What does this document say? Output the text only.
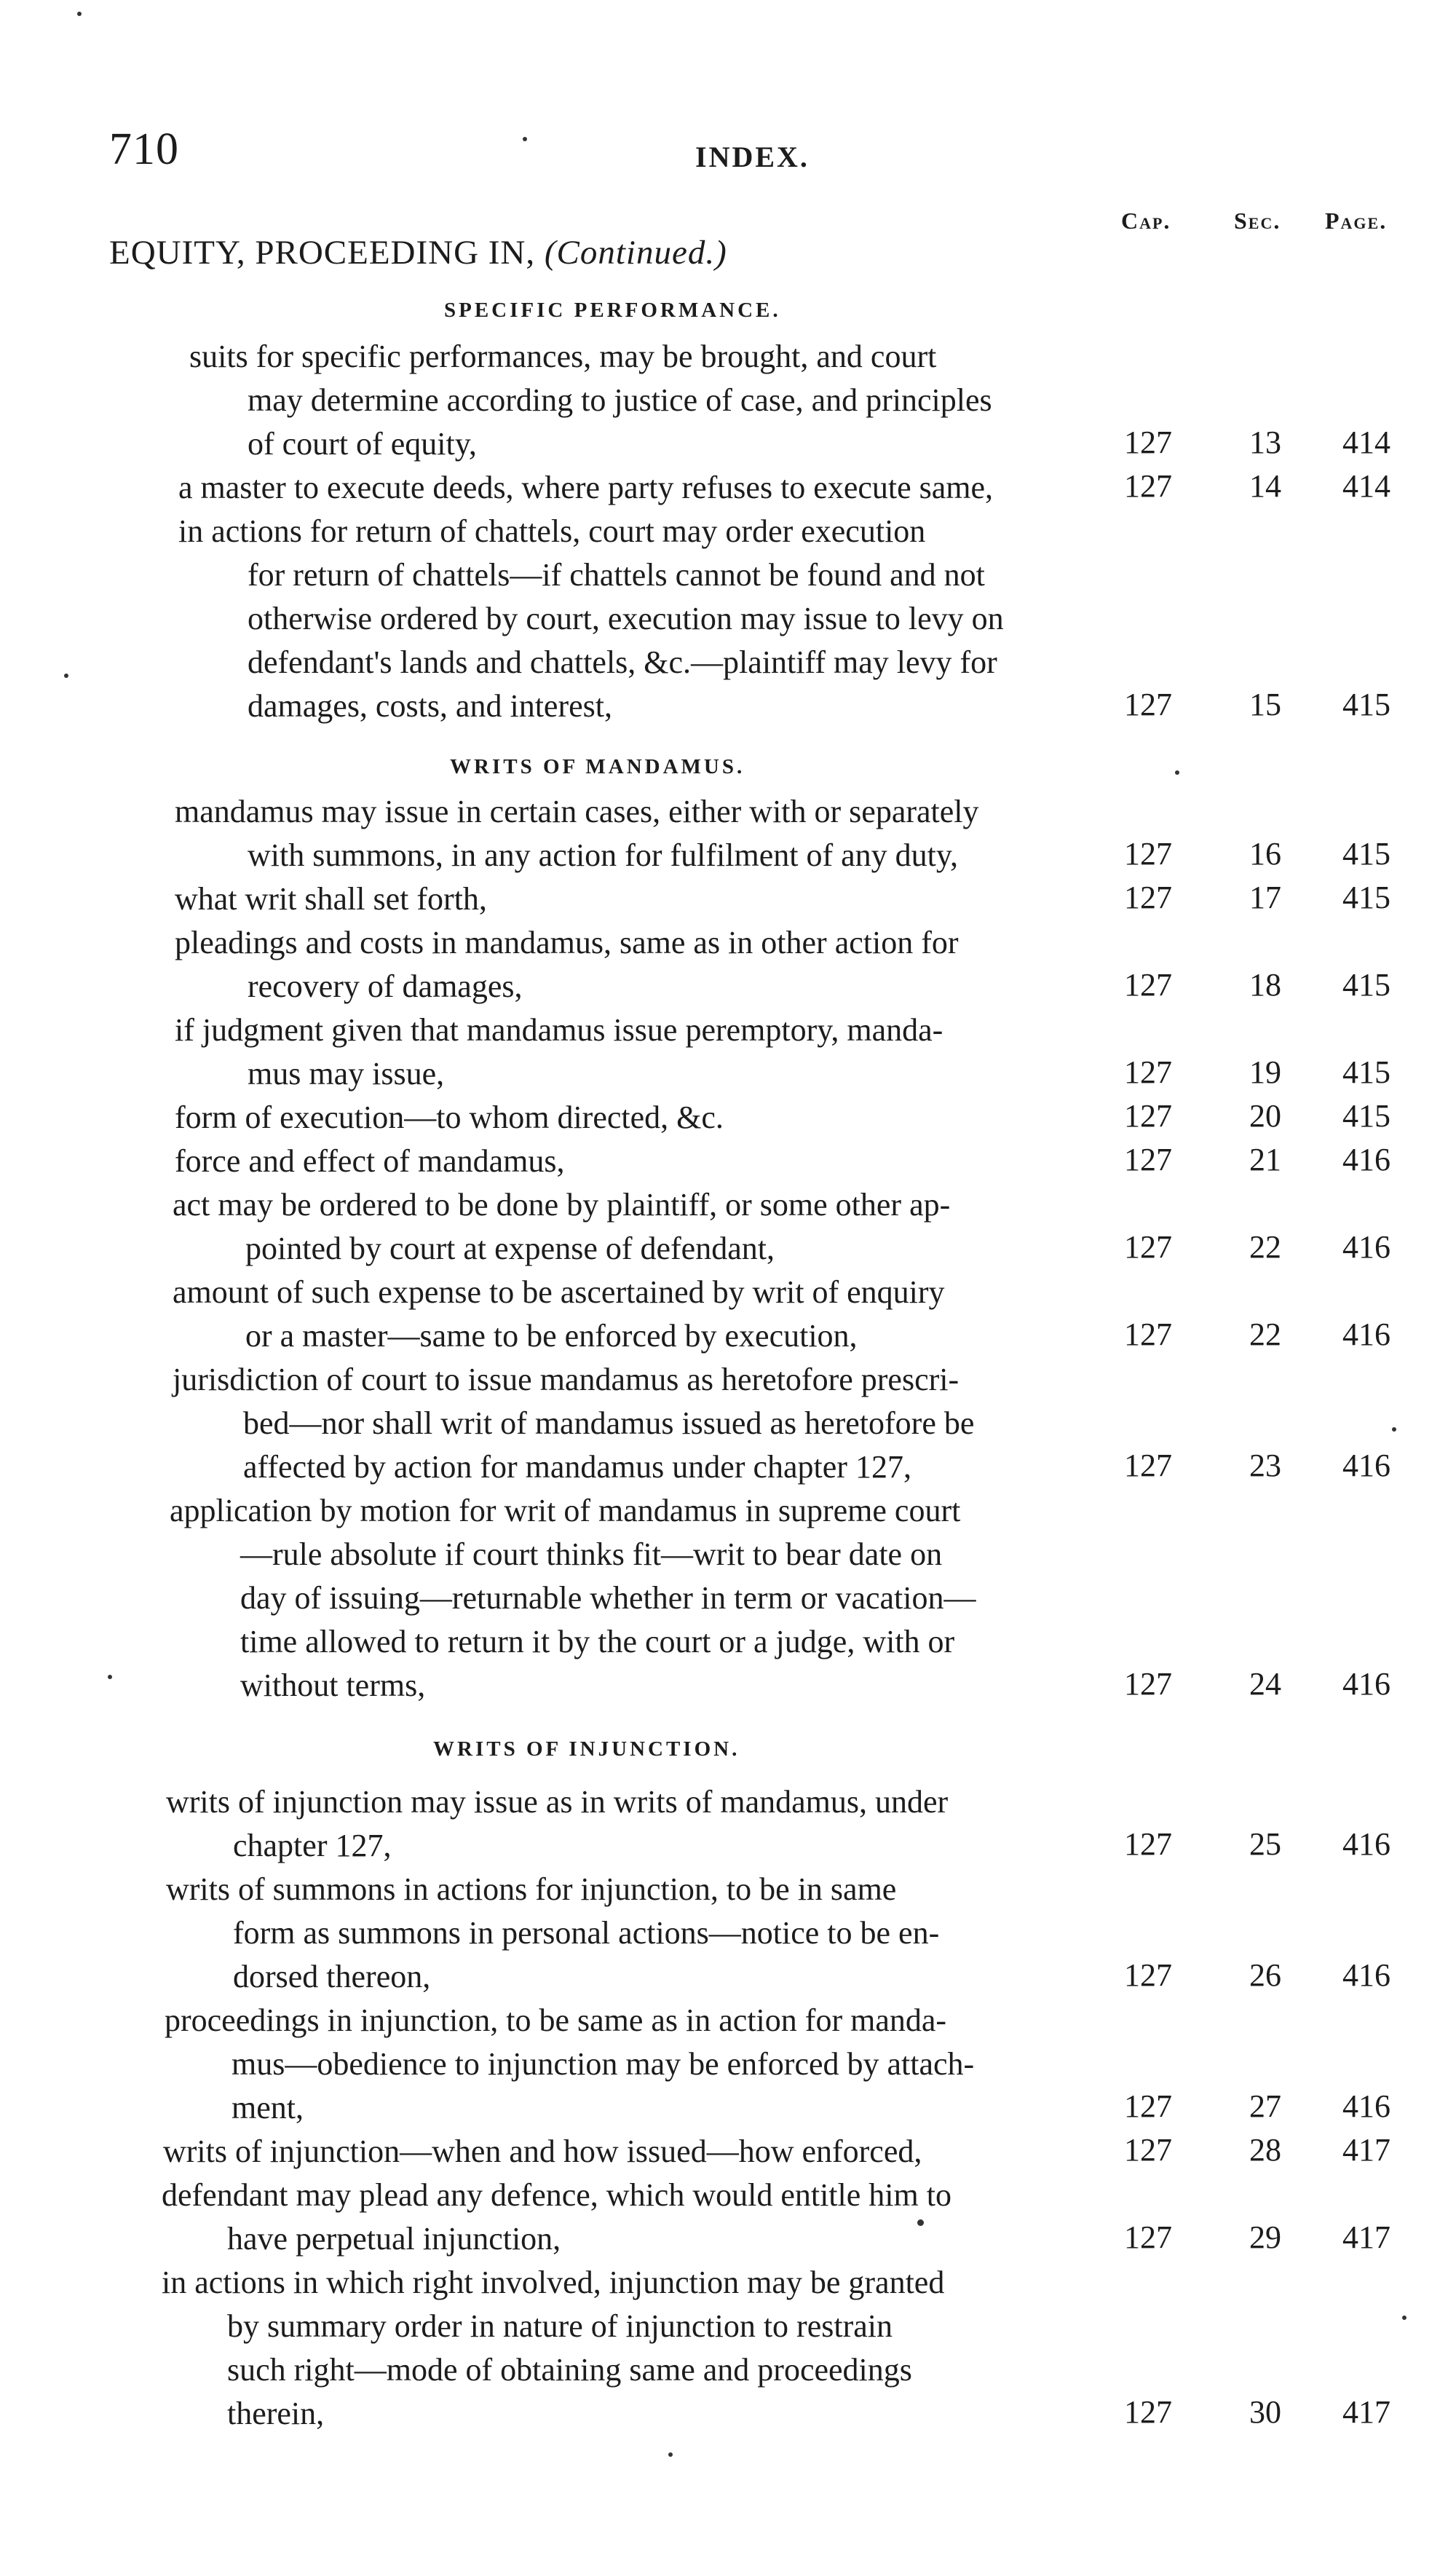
710	INDEX.
Cap.	Sec. Page.
EQUITY, PROCEEDING IN, (Continued.)
SPECIFIC PERFORMANCE.
WRITS OF MANDAMUS.
WRITS OF INJUNCTION.
suits for specific performances, may be brought, and court
may determine according to justice of case, and principles
of court of equity,	127	13	414
a master to execute deeds, where party refuses to execute same,	127	14	414
in actions for return of chattels, court may order execution
for return of chattels—if chattels cannot be found and not
otherwise ordered by court, execution may issue to levy on
defendant's lands and chattels, &c.—plaintiff may levy for
damages, costs, and interest,	127	15	415
mandamus may issue in certain cases, either with or separately
with summons, in any action for fulfilment of any duty,	127	16	415
what writ shall set forth,	127	17	415
pleadings and costs in mandamus, same as in other action for
recovery of damages,	127	18	415
if judgment given that mandamus issue peremptory, manda-
mus may issue,	127	19	415
form of execution—to whom directed, &c.	127	20	415
force and effect of mandamus,	127	21	416
act may be ordered to be done by plaintiff, or some other ap-
pointed by court at expense of defendant,	127	22	416
amount of such expense to be ascertained by writ of enquiry
or a master—same to be enforced by execution,	127	22	416
jurisdiction of court to issue mandamus as heretofore prescri-
bed—nor shall writ of mandamus issued as heretofore be
affected by action for mandamus under chapter 127,	127	23	416
application by motion for writ of mandamus in supreme court
—rule absolute if court thinks fit—writ to bear date on
day of issuing—returnable whether in term or vacation—
time allowed to return it by the court or a judge, with or
without terms,	127	24	416
writs of injunction may issue as in writs of mandamus, under
chapter 127,	127	25	416
writs of summons in actions for injunction, to be in same
form as summons in personal actions—notice to be en-
dorsed thereon,	127	26	416
proceedings in injunction, to be same as in action for manda-
mus—obedience to injunction may be enforced by attach-
ment,	127	27	416
writs of injunction—when and how issued—how enforced,	127	28	417
defendant may plead any defence, which would entitle him to
have perpetual injunction,	127	29	417
in actions in which right involved, injunction may be granted
by summary order in nature of injunction to restrain
such right—mode of obtaining same and proceedings
therein,	127	30	417
